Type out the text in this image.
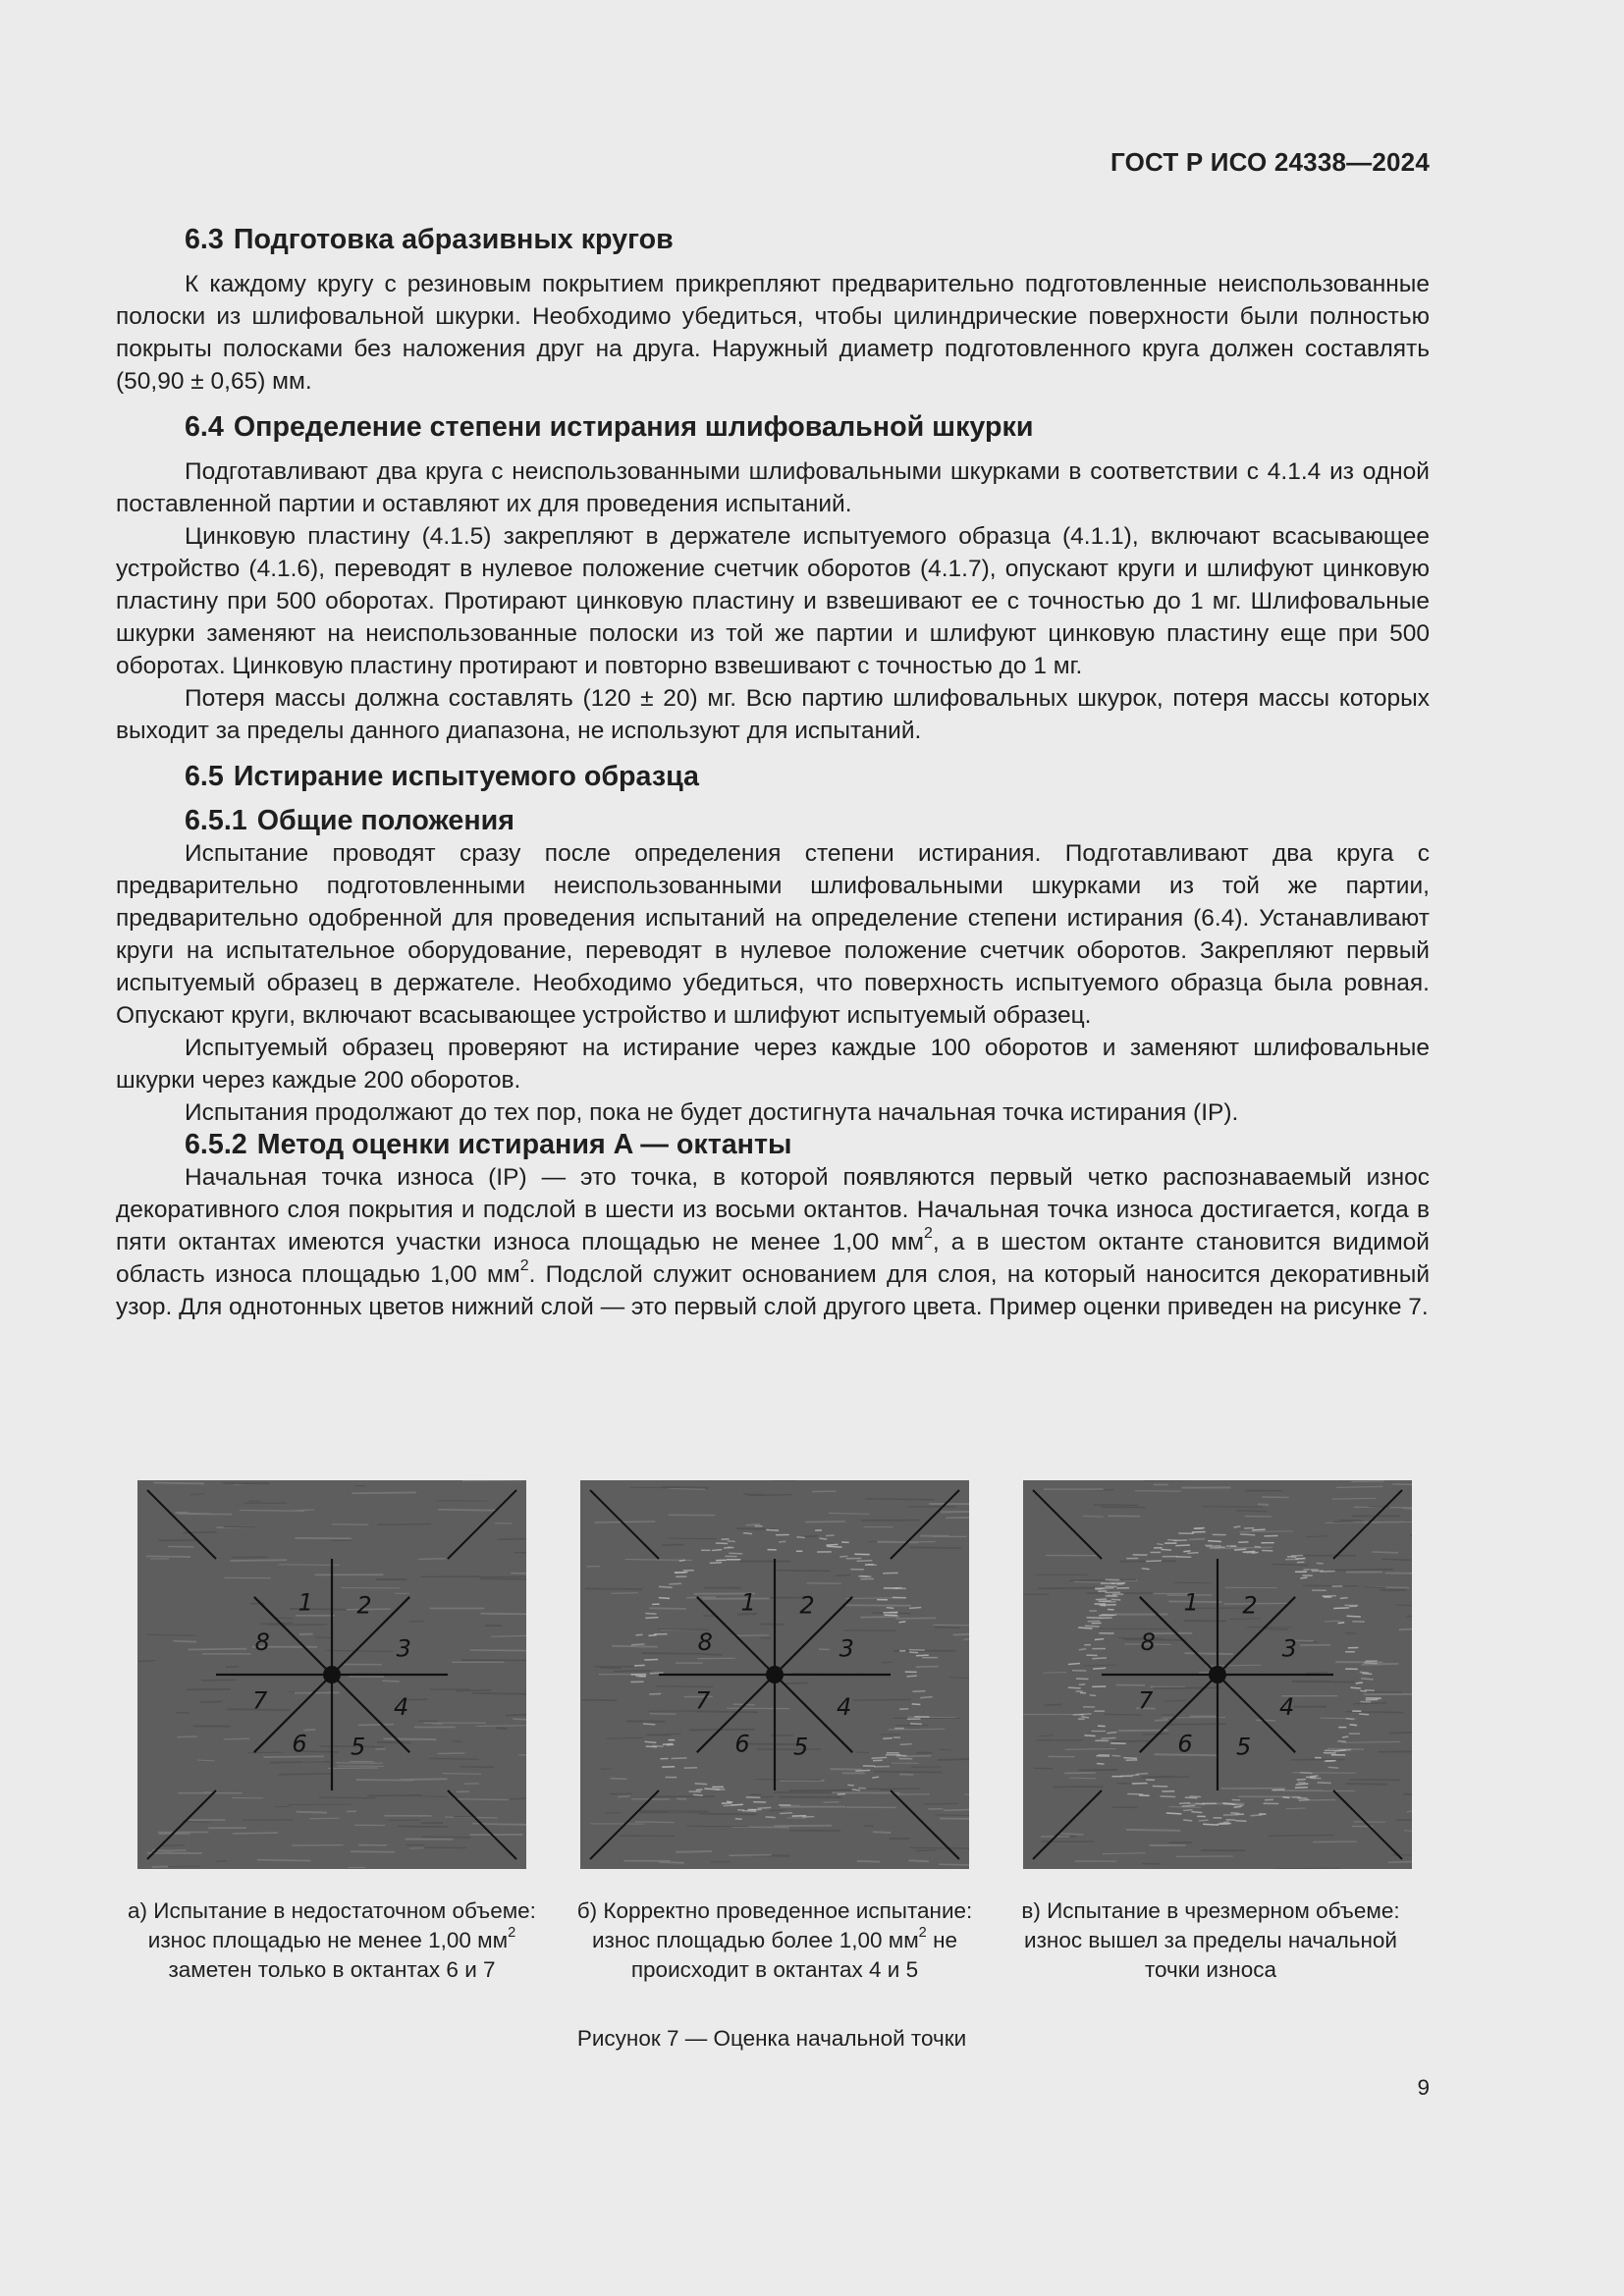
ГОСТ Р ИСО 24338—2024
6.3 Подготовка абразивных кругов

К каждому кругу с резиновым покрытием прикрепляют предварительно подготовленные неиспользованные полоски из шлифовальной шкурки. Необходимо убедиться, чтобы цилиндрические поверхности были полностью покрыты полосками без наложения друг на друга. Наружный диаметр подготовленного круга должен составлять (50,90 ± 0,65) мм.

6.4 Определение степени истирания шлифовальной шкурки

Подготавливают два круга с неиспользованными шлифовальными шкурками в соответствии с 4.1.4 из одной поставленной партии и оставляют их для проведения испытаний.

Цинковую пластину (4.1.5) закрепляют в держателе испытуемого образца (4.1.1), включают всасывающее устройство (4.1.6), переводят в нулевое положение счетчик оборотов (4.1.7), опускают круги и шлифуют цинковую пластину при 500 оборотах. Протирают цинковую пластину и взвешивают ее с точностью до 1 мг. Шлифовальные шкурки заменяют на неиспользованные полоски из той же партии и шлифуют цинковую пластину еще при 500 оборотах. Цинковую пластину протирают и повторно взвешивают с точностью до 1 мг.

Потеря массы должна составлять (120 ± 20) мг. Всю партию шлифовальных шкурок, потеря массы которых выходит за пределы данного диапазона, не используют для испытаний.

6.5 Истирание испытуемого образца
6.5.1 Общие положения

Испытание проводят сразу после определения степени истирания. Подготавливают два круга с предварительно подготовленными неиспользованными шлифовальными шкурками из той же партии, предварительно одобренной для проведения испытаний на определение степени истирания (6.4). Устанавливают круги на испытательное оборудование, переводят в нулевое положение счетчик оборотов. Закрепляют первый испытуемый образец в держателе. Необходимо убедиться, что поверхность испытуемого образца была ровная. Опускают круги, включают всасывающее устройство и шлифуют испытуемый образец.

Испытуемый образец проверяют на истирание через каждые 100 оборотов и заменяют шлифовальные шкурки через каждые 200 оборотов.

Испытания продолжают до тех пор, пока не будет достигнута начальная точка истирания (IP).

6.5.2 Метод оценки истирания A — октанты

Начальная точка износа (IP) — это точка, в которой появляются первый четко распознаваемый износ декоративного слоя покрытия и подслой в шести из восьми октантов. Начальная точка износа достигается, когда в пяти октантах имеются участки износа площадью не менее 1,00 $мм^2$, а в шестом октанте становится видимой область износа площадью 1,00 $мм^2$. Подслой служит основанием для слоя, на который наносится декоративный узор. Для однотонных цветов нижний слой — это первый слой другого цвета. Пример оценки приведен на рисунке 7.

1 2
3
4
5
6
7
8
1 2
3
4
5
6
7
8
1 2
3
4
5
6
7
8
а) Испытание в недостаточном объеме: износ площадью не менее 1,00 $мм^2$ заметен только в октантах 6 и 7
б) Корректно проведенное испытание: износ площадью более 1,00 $мм^2$ не происходит в октантах 4 и 5
в) Испытание в чрезмерном объеме: износ вышел за пределы начальной точки износа
Рисунок 7 — Оценка начальной точки
9
